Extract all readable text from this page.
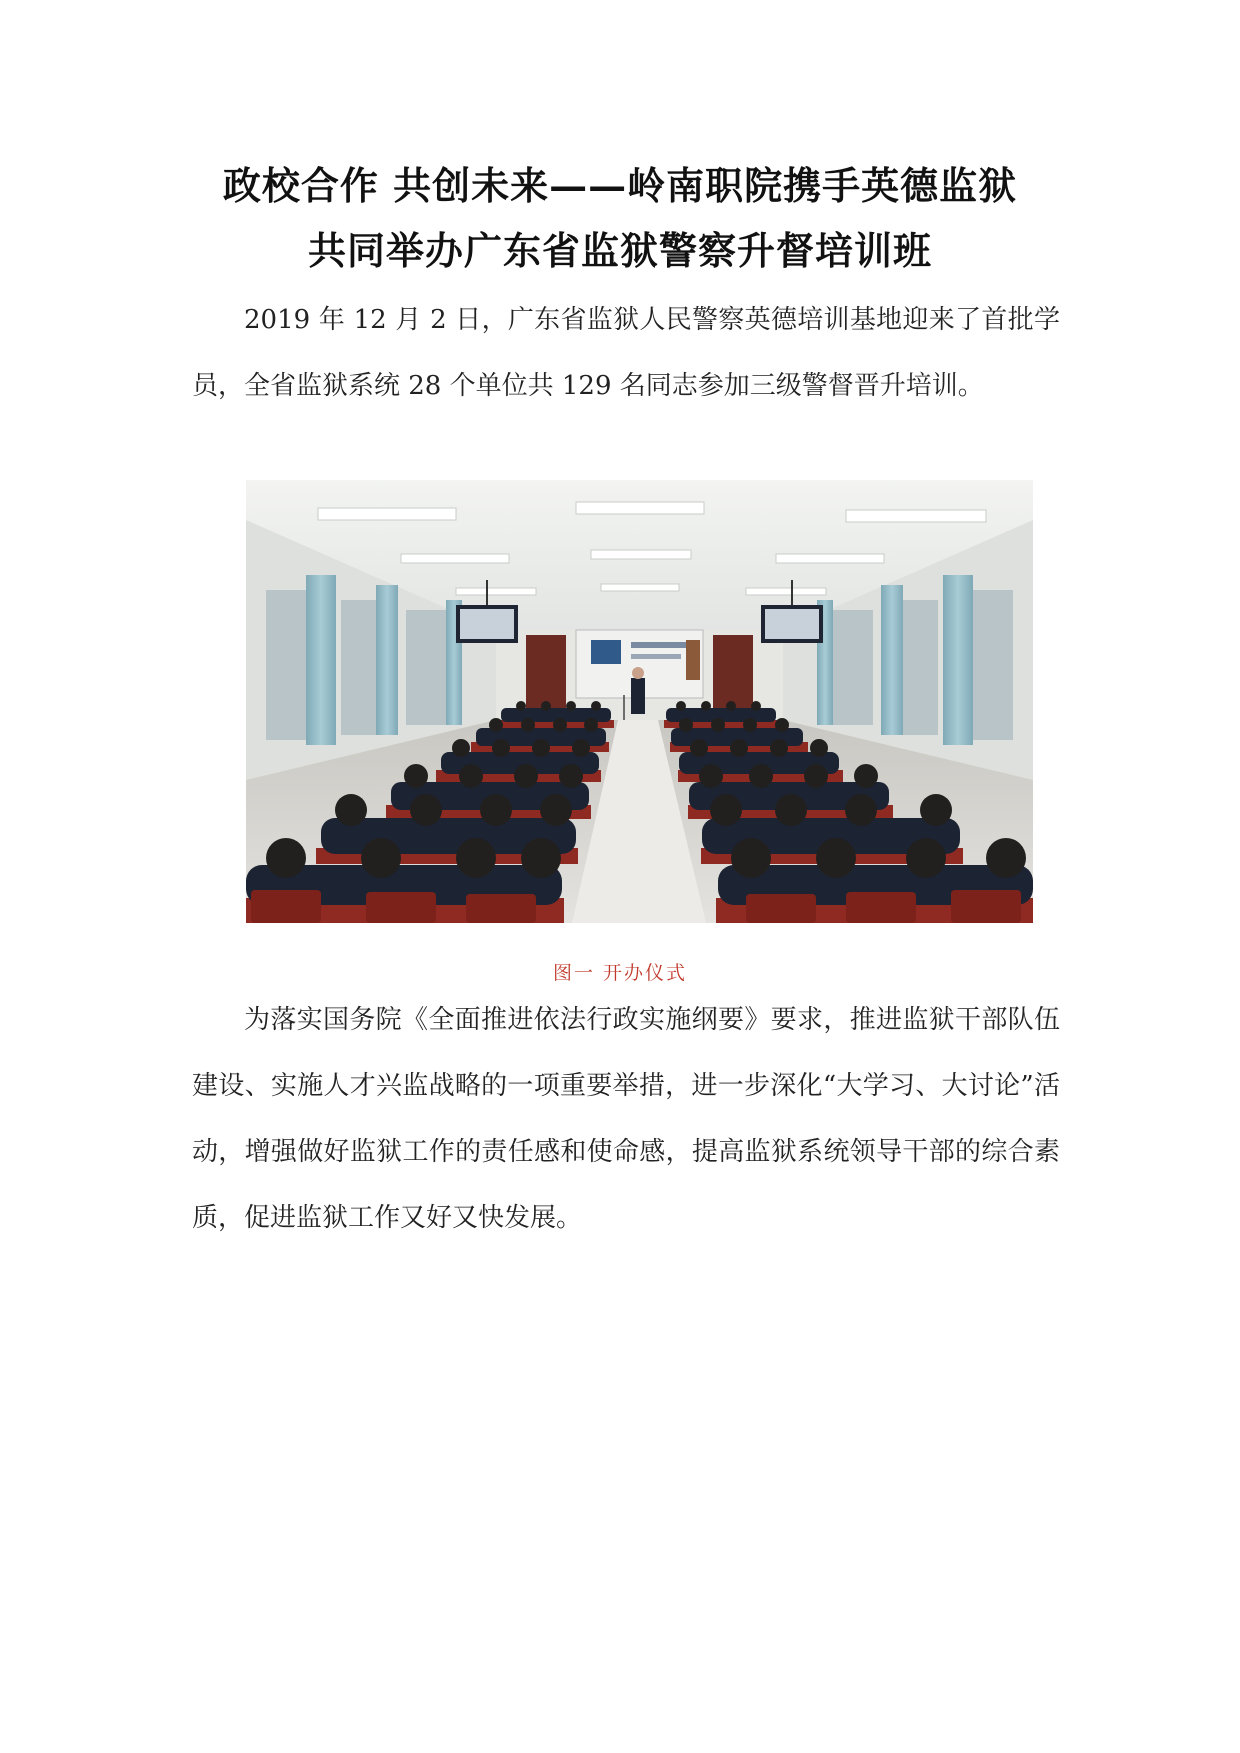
政校合作 共创未来——岭南职院携手英德监狱
共同举办广东省监狱警察升督培训班
2019 年 12 月 2 日，广东省监狱人民警察英德培训基地迎来了首批学员，全省监狱系统 28 个单位共 129 名同志参加三级警督晋升培训。
图一 开办仪式
为落实国务院《全面推进依法行政实施纲要》要求，推进监狱干部队伍建设、实施人才兴监战略的一项重要举措，进一步深化“大学习、大讨论”活动，增强做好监狱工作的责任感和使命感，提高监狱系统领导干部的综合素质，促进监狱工作又好又快发展。
